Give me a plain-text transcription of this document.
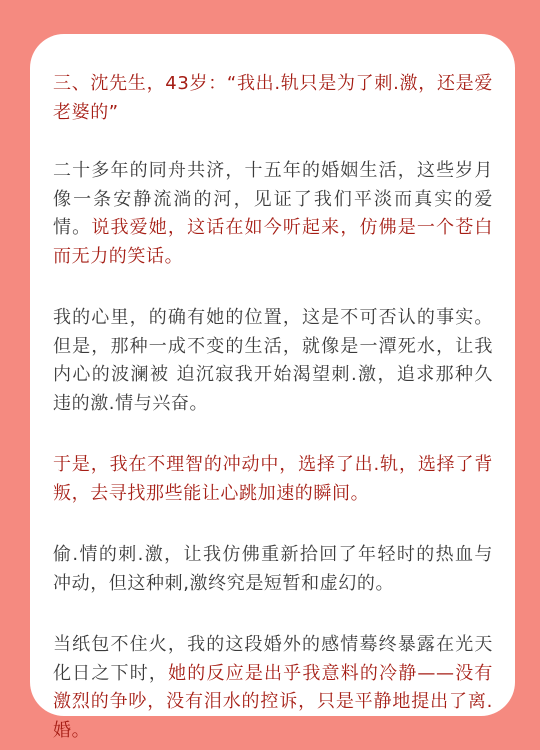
三、沈先生，43岁：“我出.轨只是为了刺.激，还是爱老婆的”

二十多年的同舟共济，十五年的婚姻生活，这些岁月像一条安静流淌的河，见证了我们平淡而真实的爱情。说我爱她，这话在如今听起来，仿佛是一个苍白而无力的笑话。

我的心里，的确有她的位置，这是不可否认的事实。但是，那种一成不变的生活，就像是一潭死水，让我内心的波澜被 迫沉寂我开始渴望刺.激，追求那种久违的激.情与兴奋。

于是，我在不理智的冲动中，选择了出.轨，选择了背叛，去寻找那些能让心跳加速的瞬间。

偷.情的刺.激，让我仿佛重新拾回了年轻时的热血与冲动，但这种刺,激终究是短暂和虚幻的。

当纸包不住火，我的这段婚外的感情蓦终暴露在光天化日之下时，她的反应是出乎我意料的冷静——没有激烈的争吵，没有泪水的控诉，只是平静地提出了离.婚。
